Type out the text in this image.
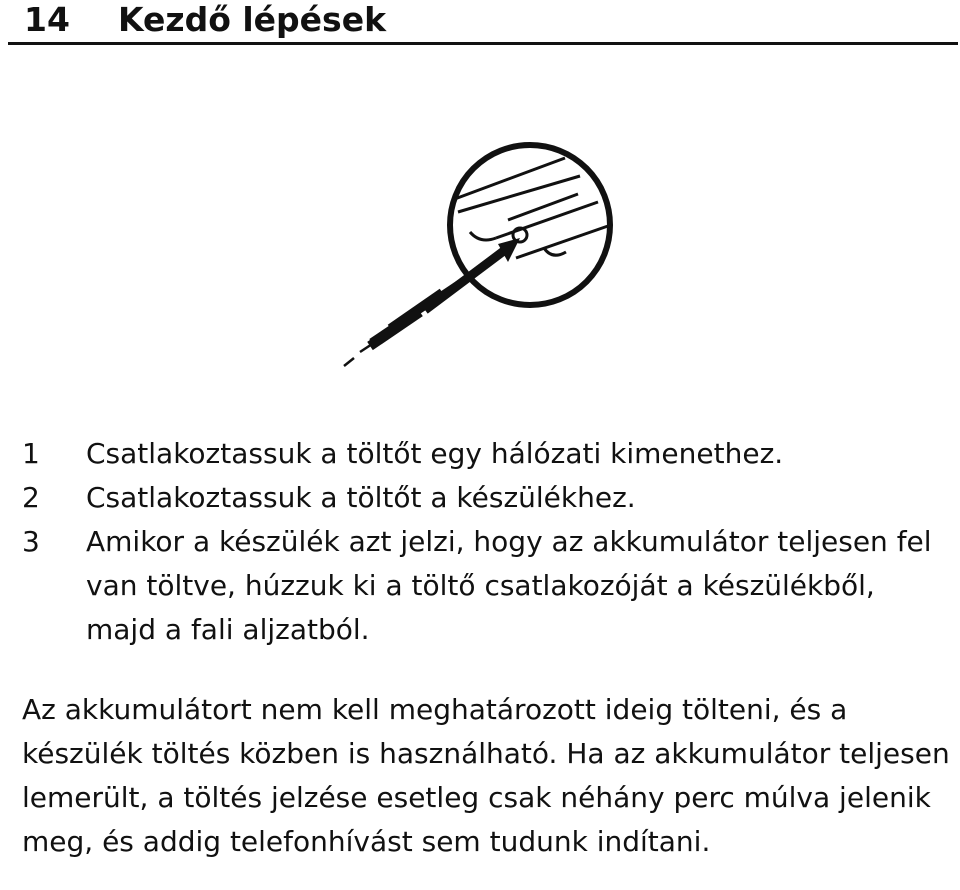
14 Kezdő lépések
1	Csatlakoztassuk a töltőt egy hálózati kimenethez.
2	Csatlakoztassuk a töltőt a készülékhez.
3	Amikor a készülék azt jelzi, hogy az akkumulátor teljesen fel van töltve, húzzuk ki a töltő csatlakozóját a készülékből, majd a fali aljzatból.

Az akkumulátort nem kell meghatározott ideig tölteni, és a készülék töltés közben is használható. Ha az akkumulátor teljesen lemerült, a töltés jelzése esetleg csak néhány perc múlva jelenik meg, és addig telefonhívást sem tudunk indítani.
